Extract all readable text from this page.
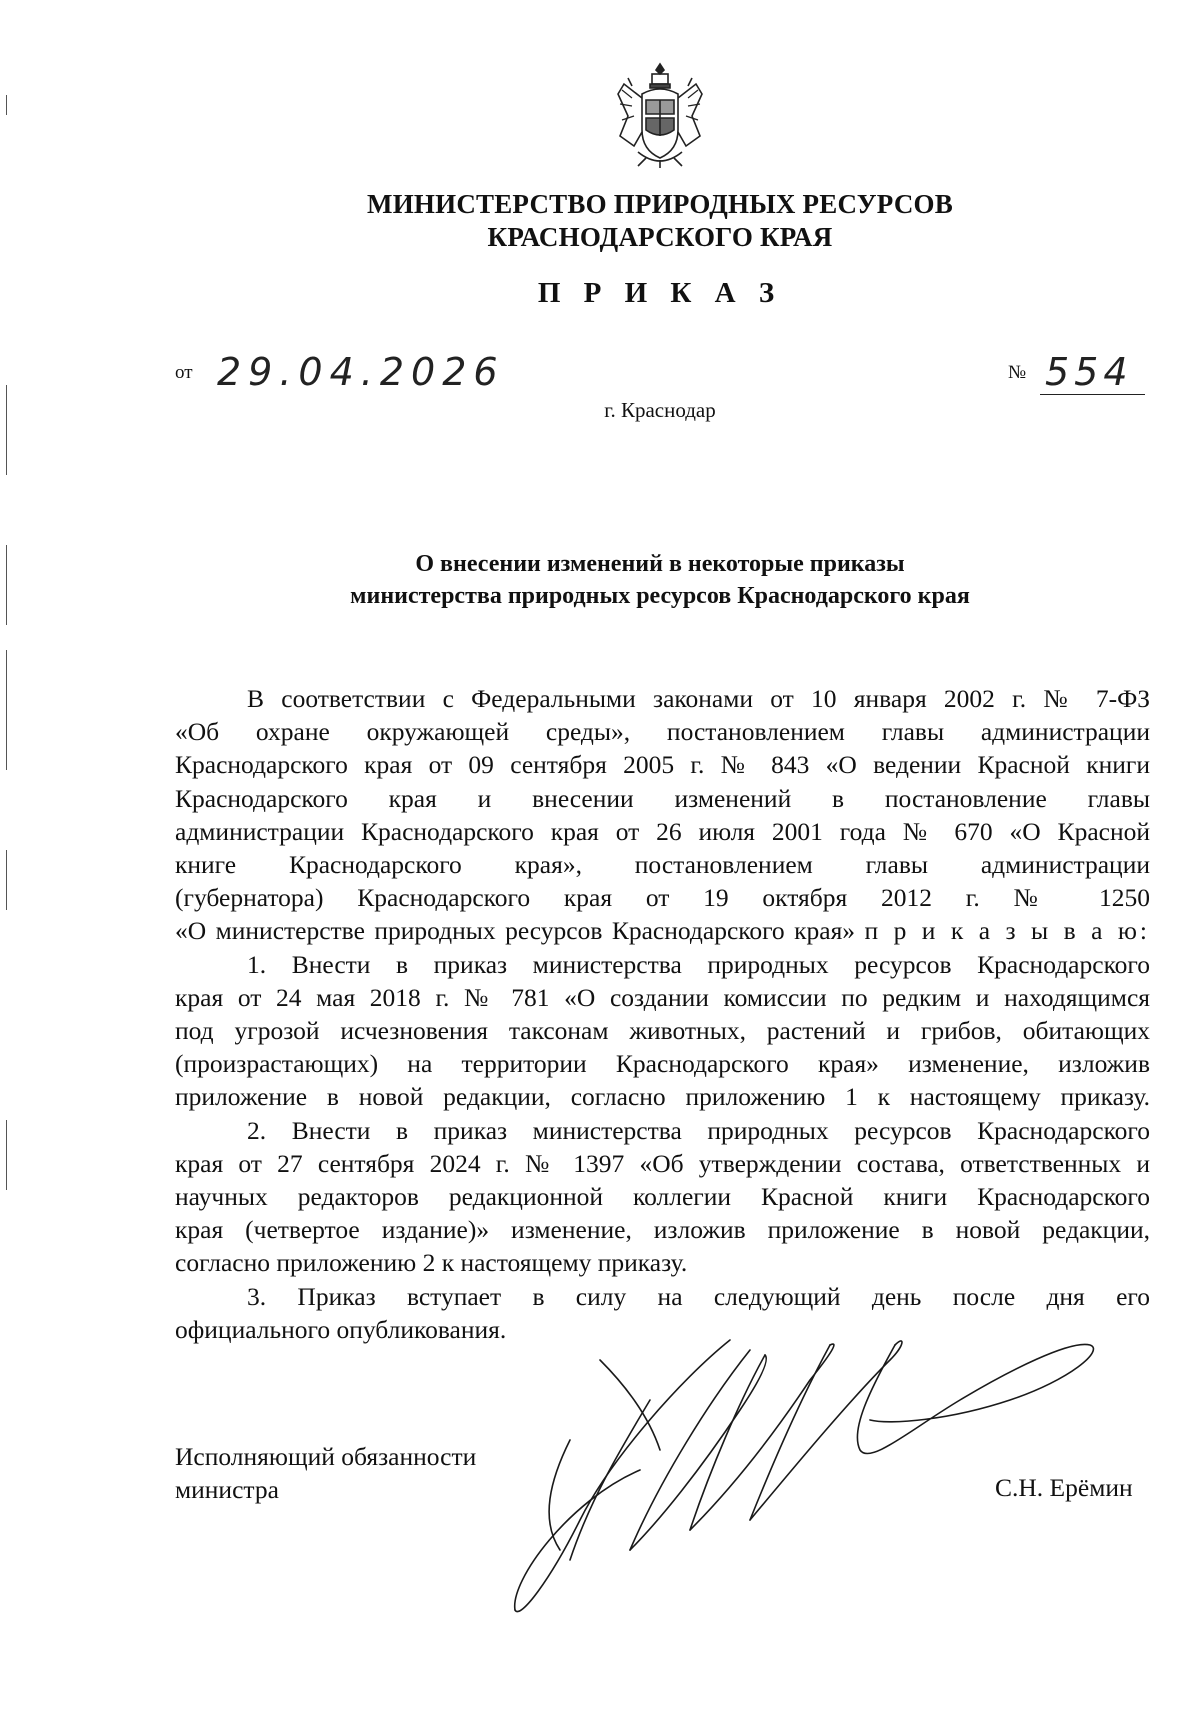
МИНИСТЕРСТВО ПРИРОДНЫХ РЕСУРСОВ
КРАСНОДАРСКОГО КРАЯ
П Р И К А З
от 29.04.2026	№ 554
г. Краснодар
О внесении изменений в некоторые приказы
министерства природных ресурсов Краснодарского края
В соответствии с Федеральными законами от 10 января 2002 г. № 7-ФЗ
«Об охране окружающей среды», постановлением главы администрации
Краснодарского края от 09 сентября 2005 г. № 843 «О ведении Красной книги
Краснодарского края и внесении изменений в постановление главы
администрации Краснодарского края от 26 июля 2001 года № 670 «О Красной
книге Краснодарского края», постановлением главы администрации
(губернатора) Краснодарского края от 19 октября 2012 г. № 1250
«О министерстве природных ресурсов Краснодарского края» п р и к а з ы в а ю:
1. Внести в приказ министерства природных ресурсов Краснодарского
края от 24 мая 2018 г. № 781 «О создании комиссии по редким и находящимся
под угрозой исчезновения таксонам животных, растений и грибов, обитающих
(произрастающих) на территории Краснодарского края» изменение, изложив
приложение в новой редакции, согласно приложению 1 к настоящему приказу.
2. Внести в приказ министерства природных ресурсов Краснодарского
края от 27 сентября 2024 г. № 1397 «Об утверждении состава, ответственных и
научных редакторов редакционной коллегии Красной книги Краснодарского
края (четвертое издание)» изменение, изложив приложение в новой редакции,
согласно приложению 2 к настоящему приказу.
3. Приказ вступает в силу на следующий день после дня его
официального опубликования.
Исполняющий обязанности
министра	С.Н. Ерёмин
